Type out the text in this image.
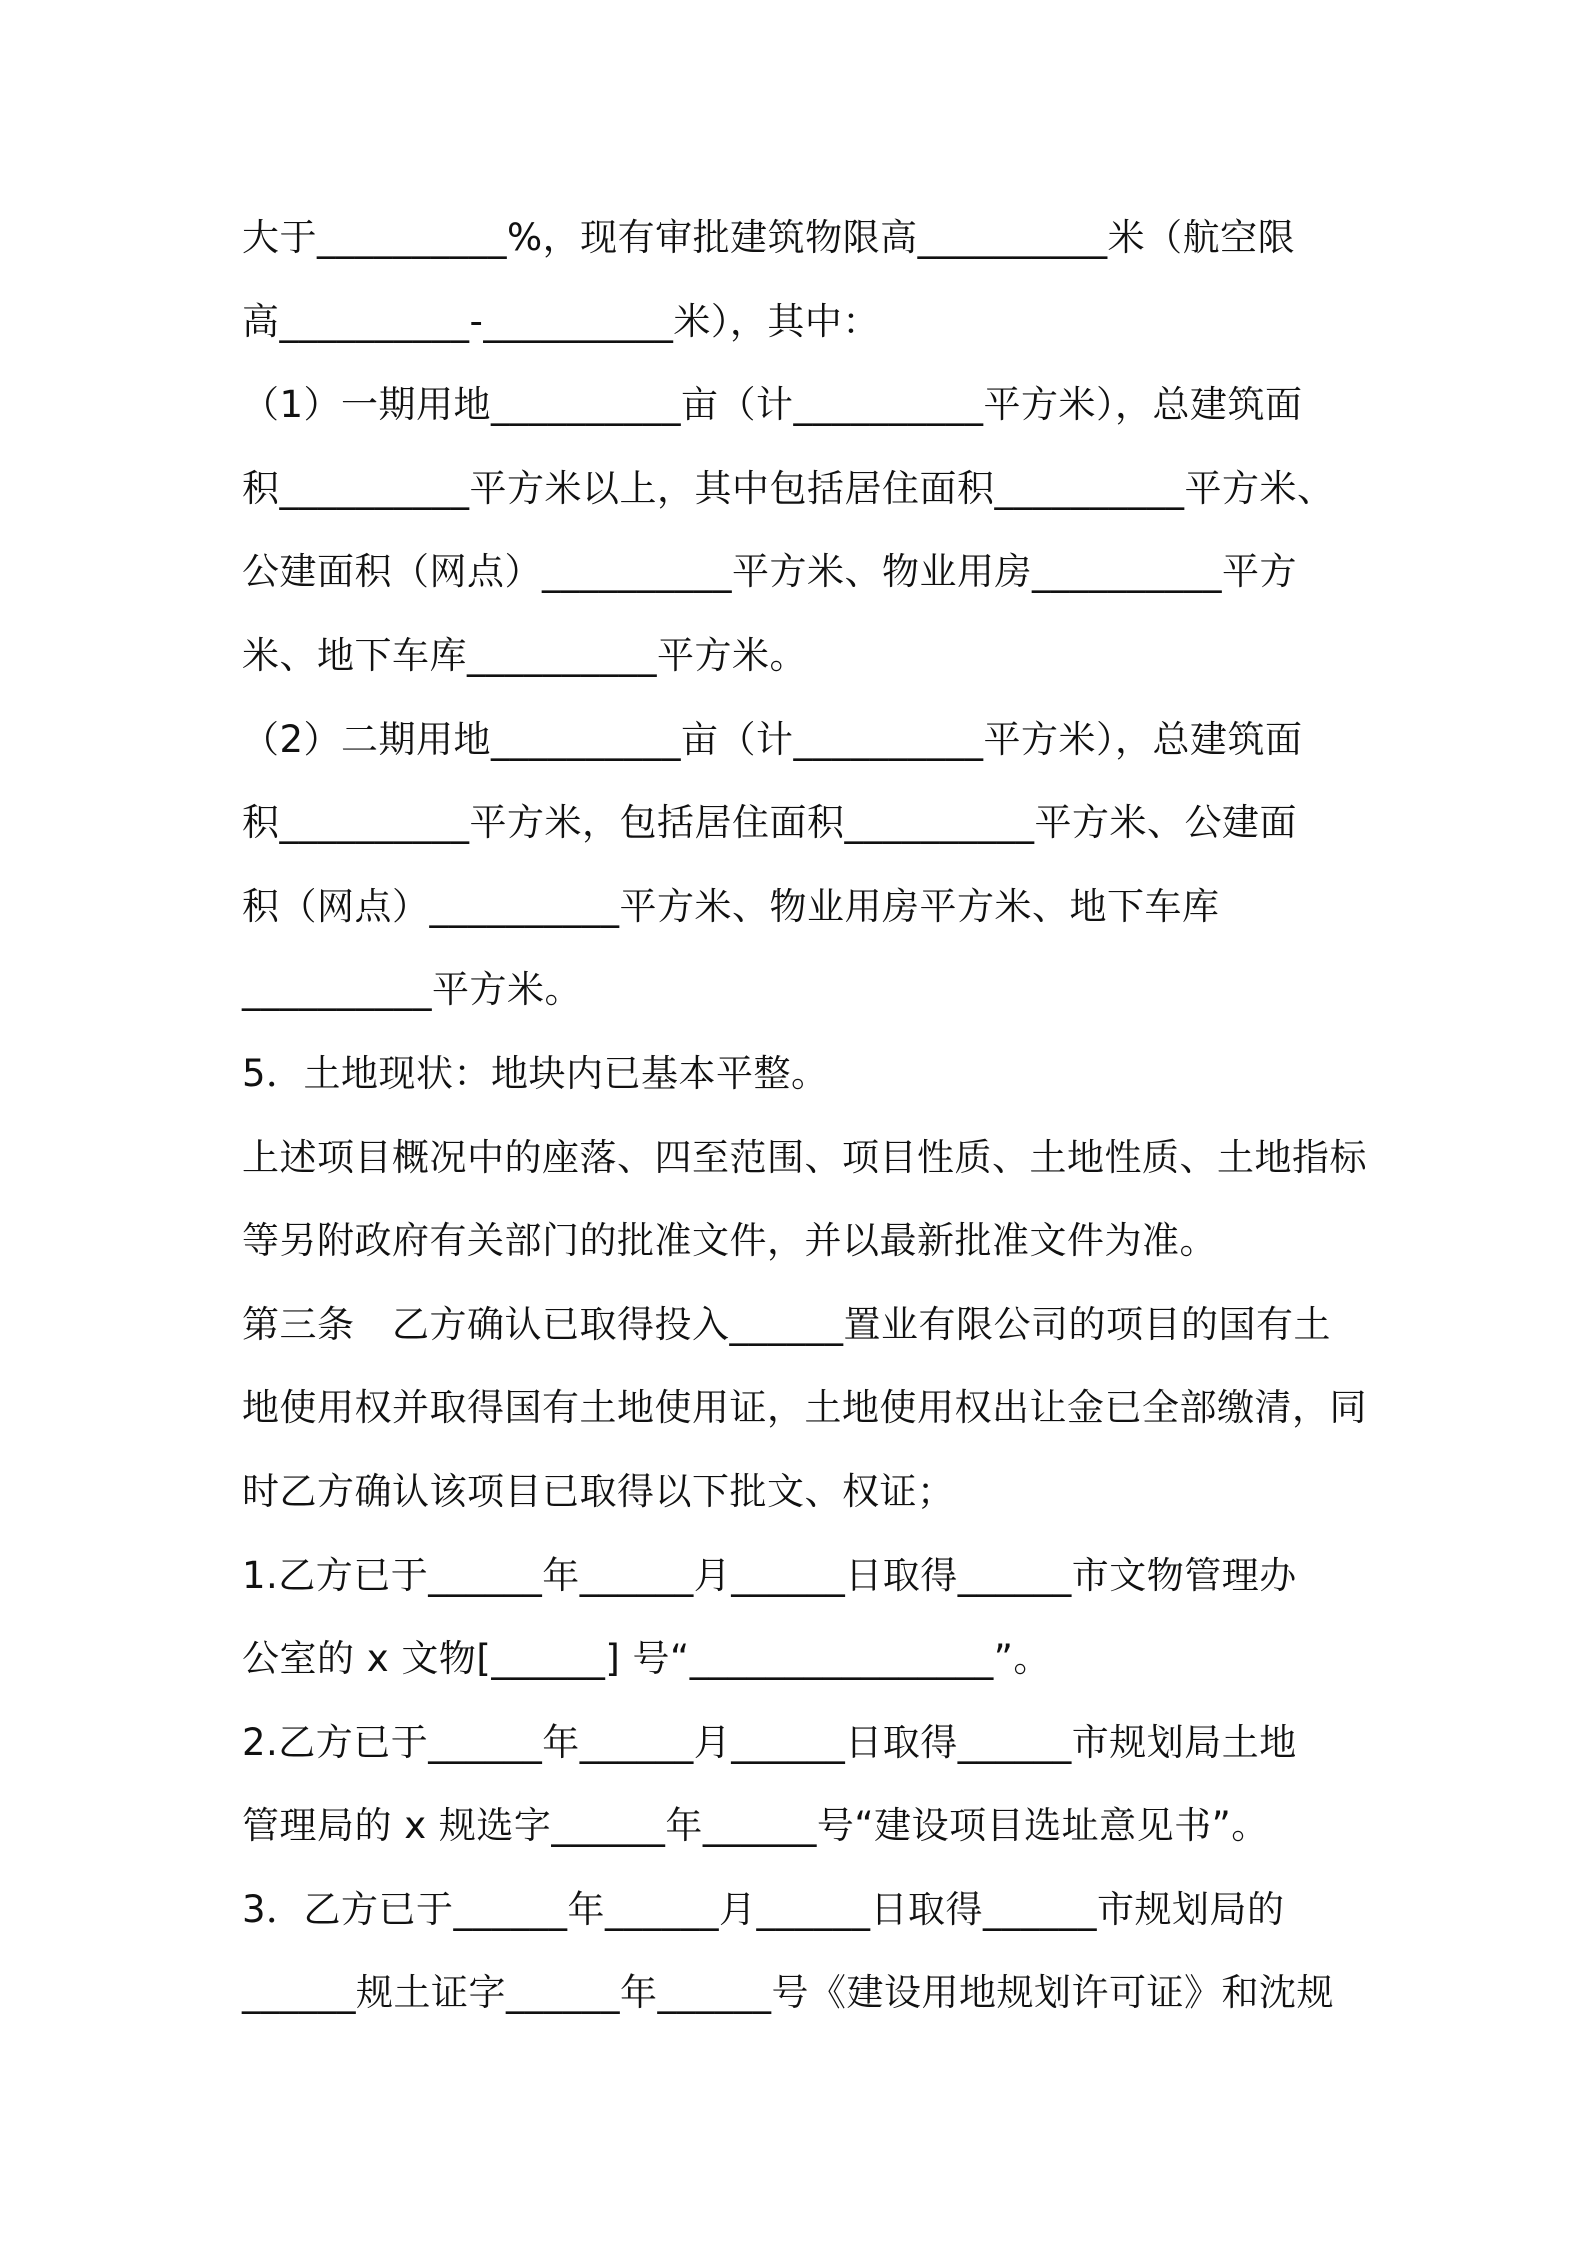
大于__________%，现有审批建筑物限高__________米（航空限
高__________-__________米），其中：
（1）一期用地__________亩（计__________平方米），总建筑面
积__________平方米以上，其中包括居住面积__________平方米、
公建面积（网点）__________平方米、物业用房__________平方
米、地下车库__________平方米。
（2）二期用地__________亩（计__________平方米），总建筑面
积__________平方米，包括居住面积__________平方米、公建面
积（网点）__________平方米、物业用房平方米、地下车库
__________平方米。
5．土地现状：地块内已基本平整。
上述项目概况中的座落、四至范围、项目性质、土地性质、土地指标
等另附政府有关部门的批准文件，并以最新批准文件为准。
第三条　乙方确认已取得投入______置业有限公司的项目的国有土
地使用权并取得国有土地使用证，土地使用权出让金已全部缴清，同
时乙方确认该项目已取得以下批文、权证；
1.乙方已于______年______月______日取得______市文物管理办
公室的 x 文物[______] 号“________________”。
2.乙方已于______年______月______日取得______市规划局土地
管理局的 x 规选字______年______号“建设项目选址意见书”。
3．乙方已于______年______月______日取得______市规划局的
______规土证字______年______号《建设用地规划许可证》和沈规
